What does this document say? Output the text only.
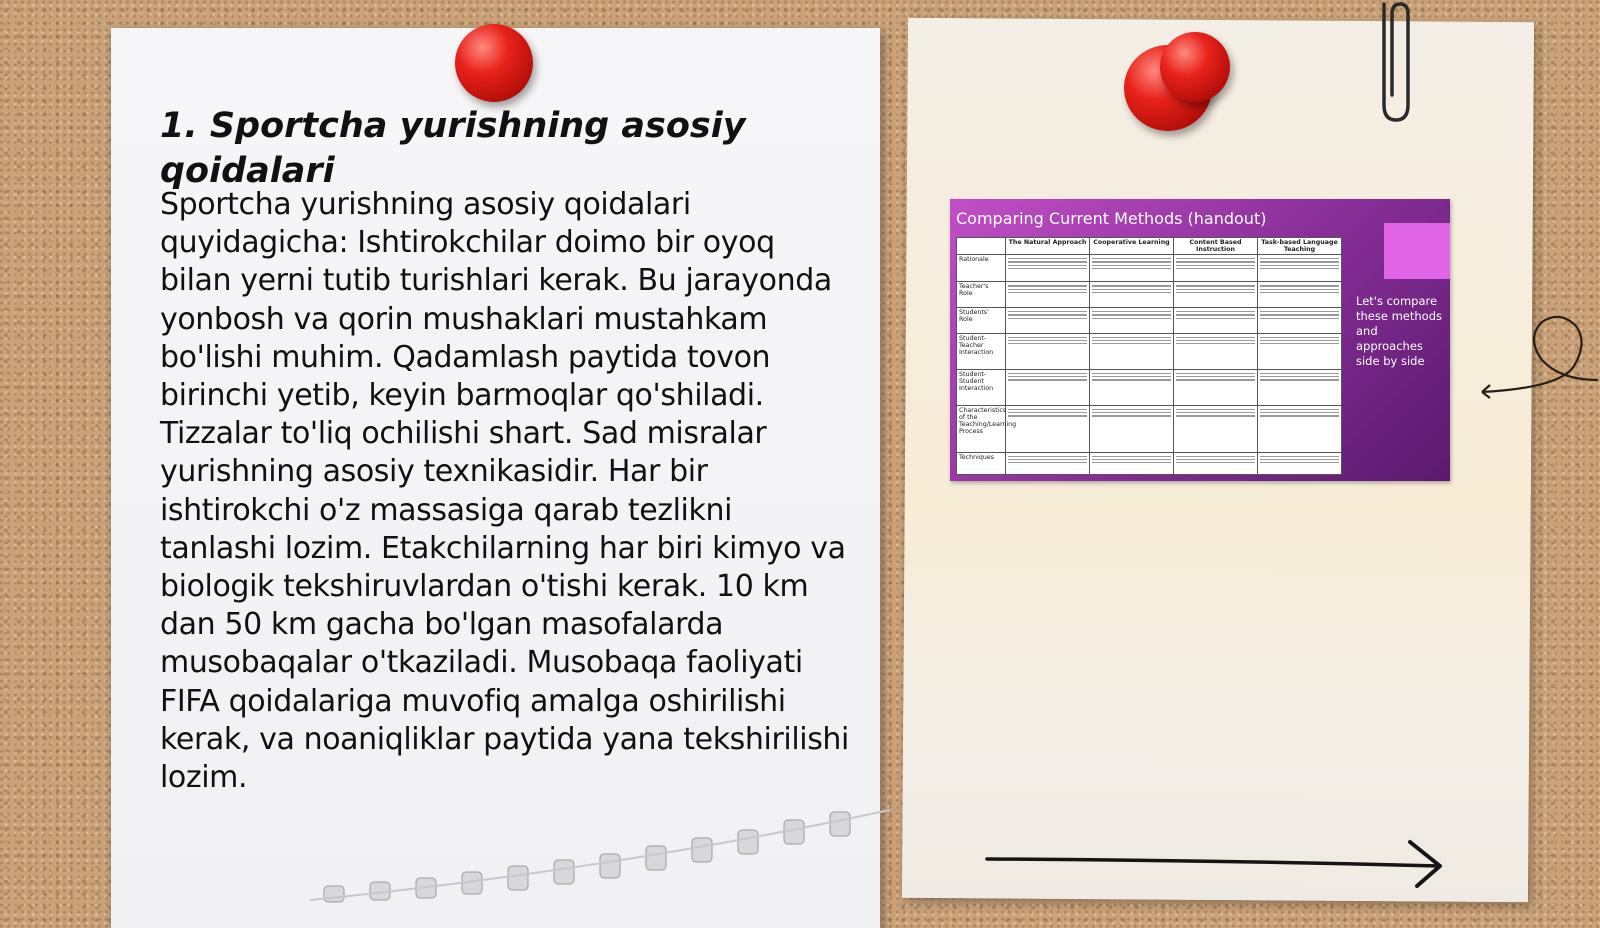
1. Sportcha yurishning asosiy qoidalari

Sportcha yurishning asosiy qoidalari quyidagicha: Ishtirokchilar doimo bir oyoq bilan yerni tutib turishlari kerak. Bu jarayonda yonbosh va qorin mushaklari mustahkam bo'lishi muhim. Qadamlash paytida tovon birinchi yetib, keyin barmoqlar qo'shiladi. Tizzalar to'liq ochilishi shart. Sad misralar yurishning asosiy texnikasidir. Har bir ishtirokchi o'z massasiga qarab tezlikni tanlashi lozim. Etakchilarning har biri kimyo va biologik tekshiruvlardan o'tishi kerak. 10 km dan 50 km gacha bo'lgan masofalarda musobaqalar o'tkaziladi. Musobaqa faoliyati FIFA qoidalariga muvofiq amalga oshirilishi kerak, va noaniqliklar paytida yana tekshirilishi lozim.

Comparing Current Methods (handout)

Let's compare these methods and approaches side by side

	The Natural Approach	Cooperative Learning	Content Based Instruction	Task-based Language Teaching
Rationale	

Teacher's Role	

Students' Role	

Student-Teacher Interaction	

Student-Student Interaction	

Characteristics of the Teaching/Learning Process	

Techniques	
